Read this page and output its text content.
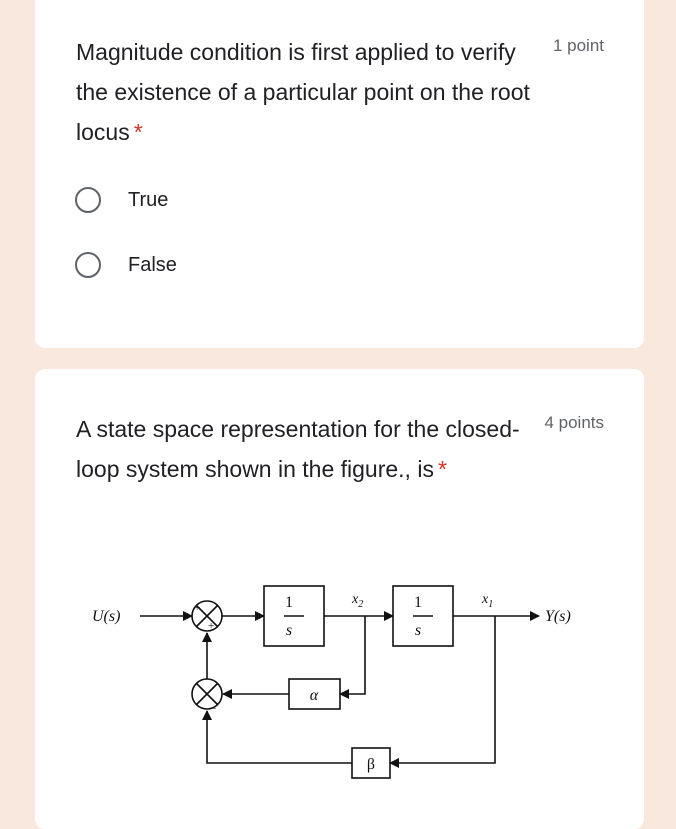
Magnitude condition is first applied to verify the existence of a particular point on the root locus *
1 point
True
False
A state space representation for the closed-loop system shown in the figure., is *
4 points
U(s)	Y(s)
1
s
1
s
$x_2$	$x_1$
α
β
+
+
−
